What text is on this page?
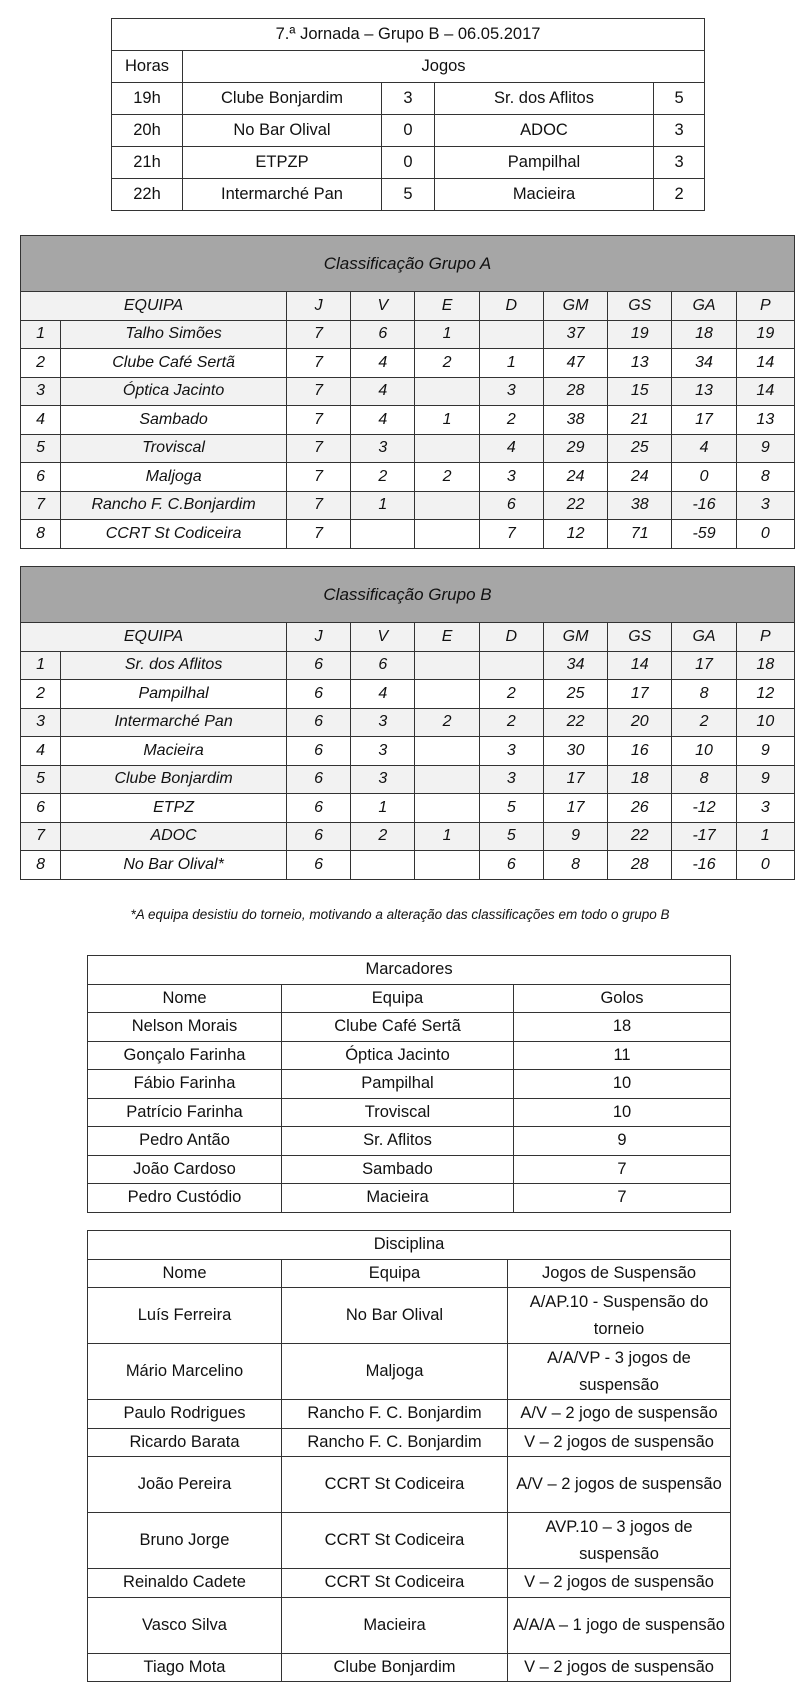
7.ª Jornada – Grupo B – 06.05.2017				
Horas	Jogos			
19h	Clube Bonjardim	3	Sr. dos Aflitos	5
20h	No Bar Olival	0	ADOC	3
21h	ETPZP	0	Pampilhal	3
22h	Intermarché Pan	5	Macieira	2
Classificação Grupo A									
EQUIPA		J	V	E	D	GM	GS	GA	P
1	Talho Simões	7	6	1		37	19	18	19
2	Clube Café Sertã	7	4	2	1	47	13	34	14
3	Óptica Jacinto	7	4		3	28	15	13	14
4	Sambado	7	4	1	2	38	21	17	13
5	Troviscal	7	3		4	29	25	4	9
6	Maljoga	7	2	2	3	24	24	0	8
7	Rancho F. C.Bonjardim	7	1		6	22	38	-16	3
8	CCRT St Codiceira	7			7	12	71	-59	0
Classificação Grupo B									
EQUIPA		J	V	E	D	GM	GS	GA	P
1	Sr. dos Aflitos	6	6			34	14	17	18
2	Pampilhal	6	4		2	25	17	8	12
3	Intermarché Pan	6	3	2	2	22	20	2	10
4	Macieira	6	3		3	30	16	10	9
5	Clube Bonjardim	6	3		3	17	18	8	9
6	ETPZ	6	1		5	17	26	-12	3
7	ADOC	6	2	1	5	9	22	-17	1
8	No Bar Olival*	6			6	8	28	-16	0
*A equipa desistiu do torneio, motivando a alteração das classificações em todo o grupo B
Marcadores		
Nome	Equipa	Golos
Nelson Morais	Clube Café Sertã	18
Gonçalo Farinha	Óptica Jacinto	11
Fábio Farinha	Pampilhal	10
Patrício Farinha	Troviscal	10
Pedro Antão	Sr. Aflitos	9
João Cardoso	Sambado	7
Pedro Custódio	Macieira	7
Disciplina		
Nome	Equipa	Jogos de Suspensão
Luís Ferreira	No Bar Olival	A/AP.10 - Suspensão do torneio
Mário Marcelino	Maljoga	A/A/VP - 3 jogos de suspensão
Paulo Rodrigues	Rancho F. C. Bonjardim	A/V – 2 jogo de suspensão
Ricardo Barata	Rancho F. C. Bonjardim	V – 2 jogos de suspensão
João Pereira	CCRT St Codiceira	A/V – 2 jogos de suspensão
Bruno Jorge	CCRT St Codiceira	AVP.10 – 3 jogos de suspensão
Reinaldo Cadete	CCRT St Codiceira	V – 2 jogos de suspensão
Vasco Silva	Macieira	A/A/A – 1 jogo de suspensão
Tiago Mota	Clube Bonjardim	V – 2 jogos de suspensão
